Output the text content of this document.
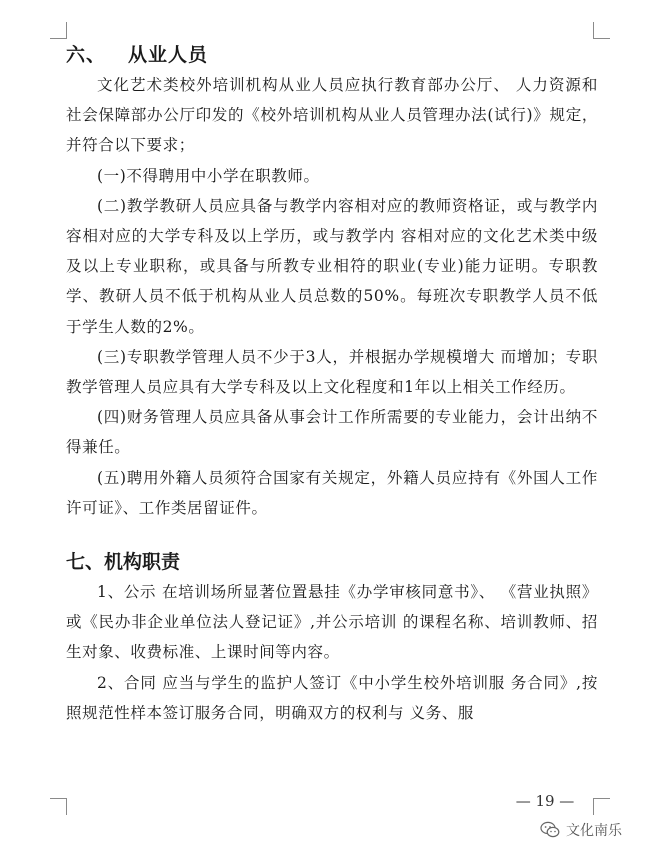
六、 从业人员

文化艺术类校外培训机构从业人员应执行教育部办公厅、 人力资源和社会保障部办公厅印发的《校外培训机构从业人员管理办法(试行)》规定，并符合以下要求；

(一)不得聘用中小学在职教师。

(二)教学教研人员应具备与教学内容相对应的教师资格证，或与教学内容相对应的大学专科及以上学历，或与教学内 容相对应的文化艺术类中级及以上专业职称，或具备与所教专业相符的职业(专业)能力证明。专职教学、教研人员不低于机构从业人员总数的50%。每班次专职教学人员不低于学生人数的2%。

(三)专职教学管理人员不少于3人，并根据办学规模增大 而增加；专职教学管理人员应具有大学专科及以上文化程度和1年以上相关工作经历。

(四)财务管理人员应具备从事会计工作所需要的专业能力，会计出纳不得兼任。

(五)聘用外籍人员须符合国家有关规定，外籍人员应持有《外国人工作许可证》、工作类居留证件。

七、机构职责

1、公示 在培训场所显著位置悬挂《办学审核同意书》、 《营业执照》或《民办非企业单位法人登记证》,并公示培训 的课程名称、培训教师、招生对象、收费标准、上课时间等内容。

2、合同 应当与学生的监护人签订《中小学生校外培训服 务合同》,按照规范性样本签订服务合同，明确双方的权利与 义务、服

— 19 —
文化南乐
